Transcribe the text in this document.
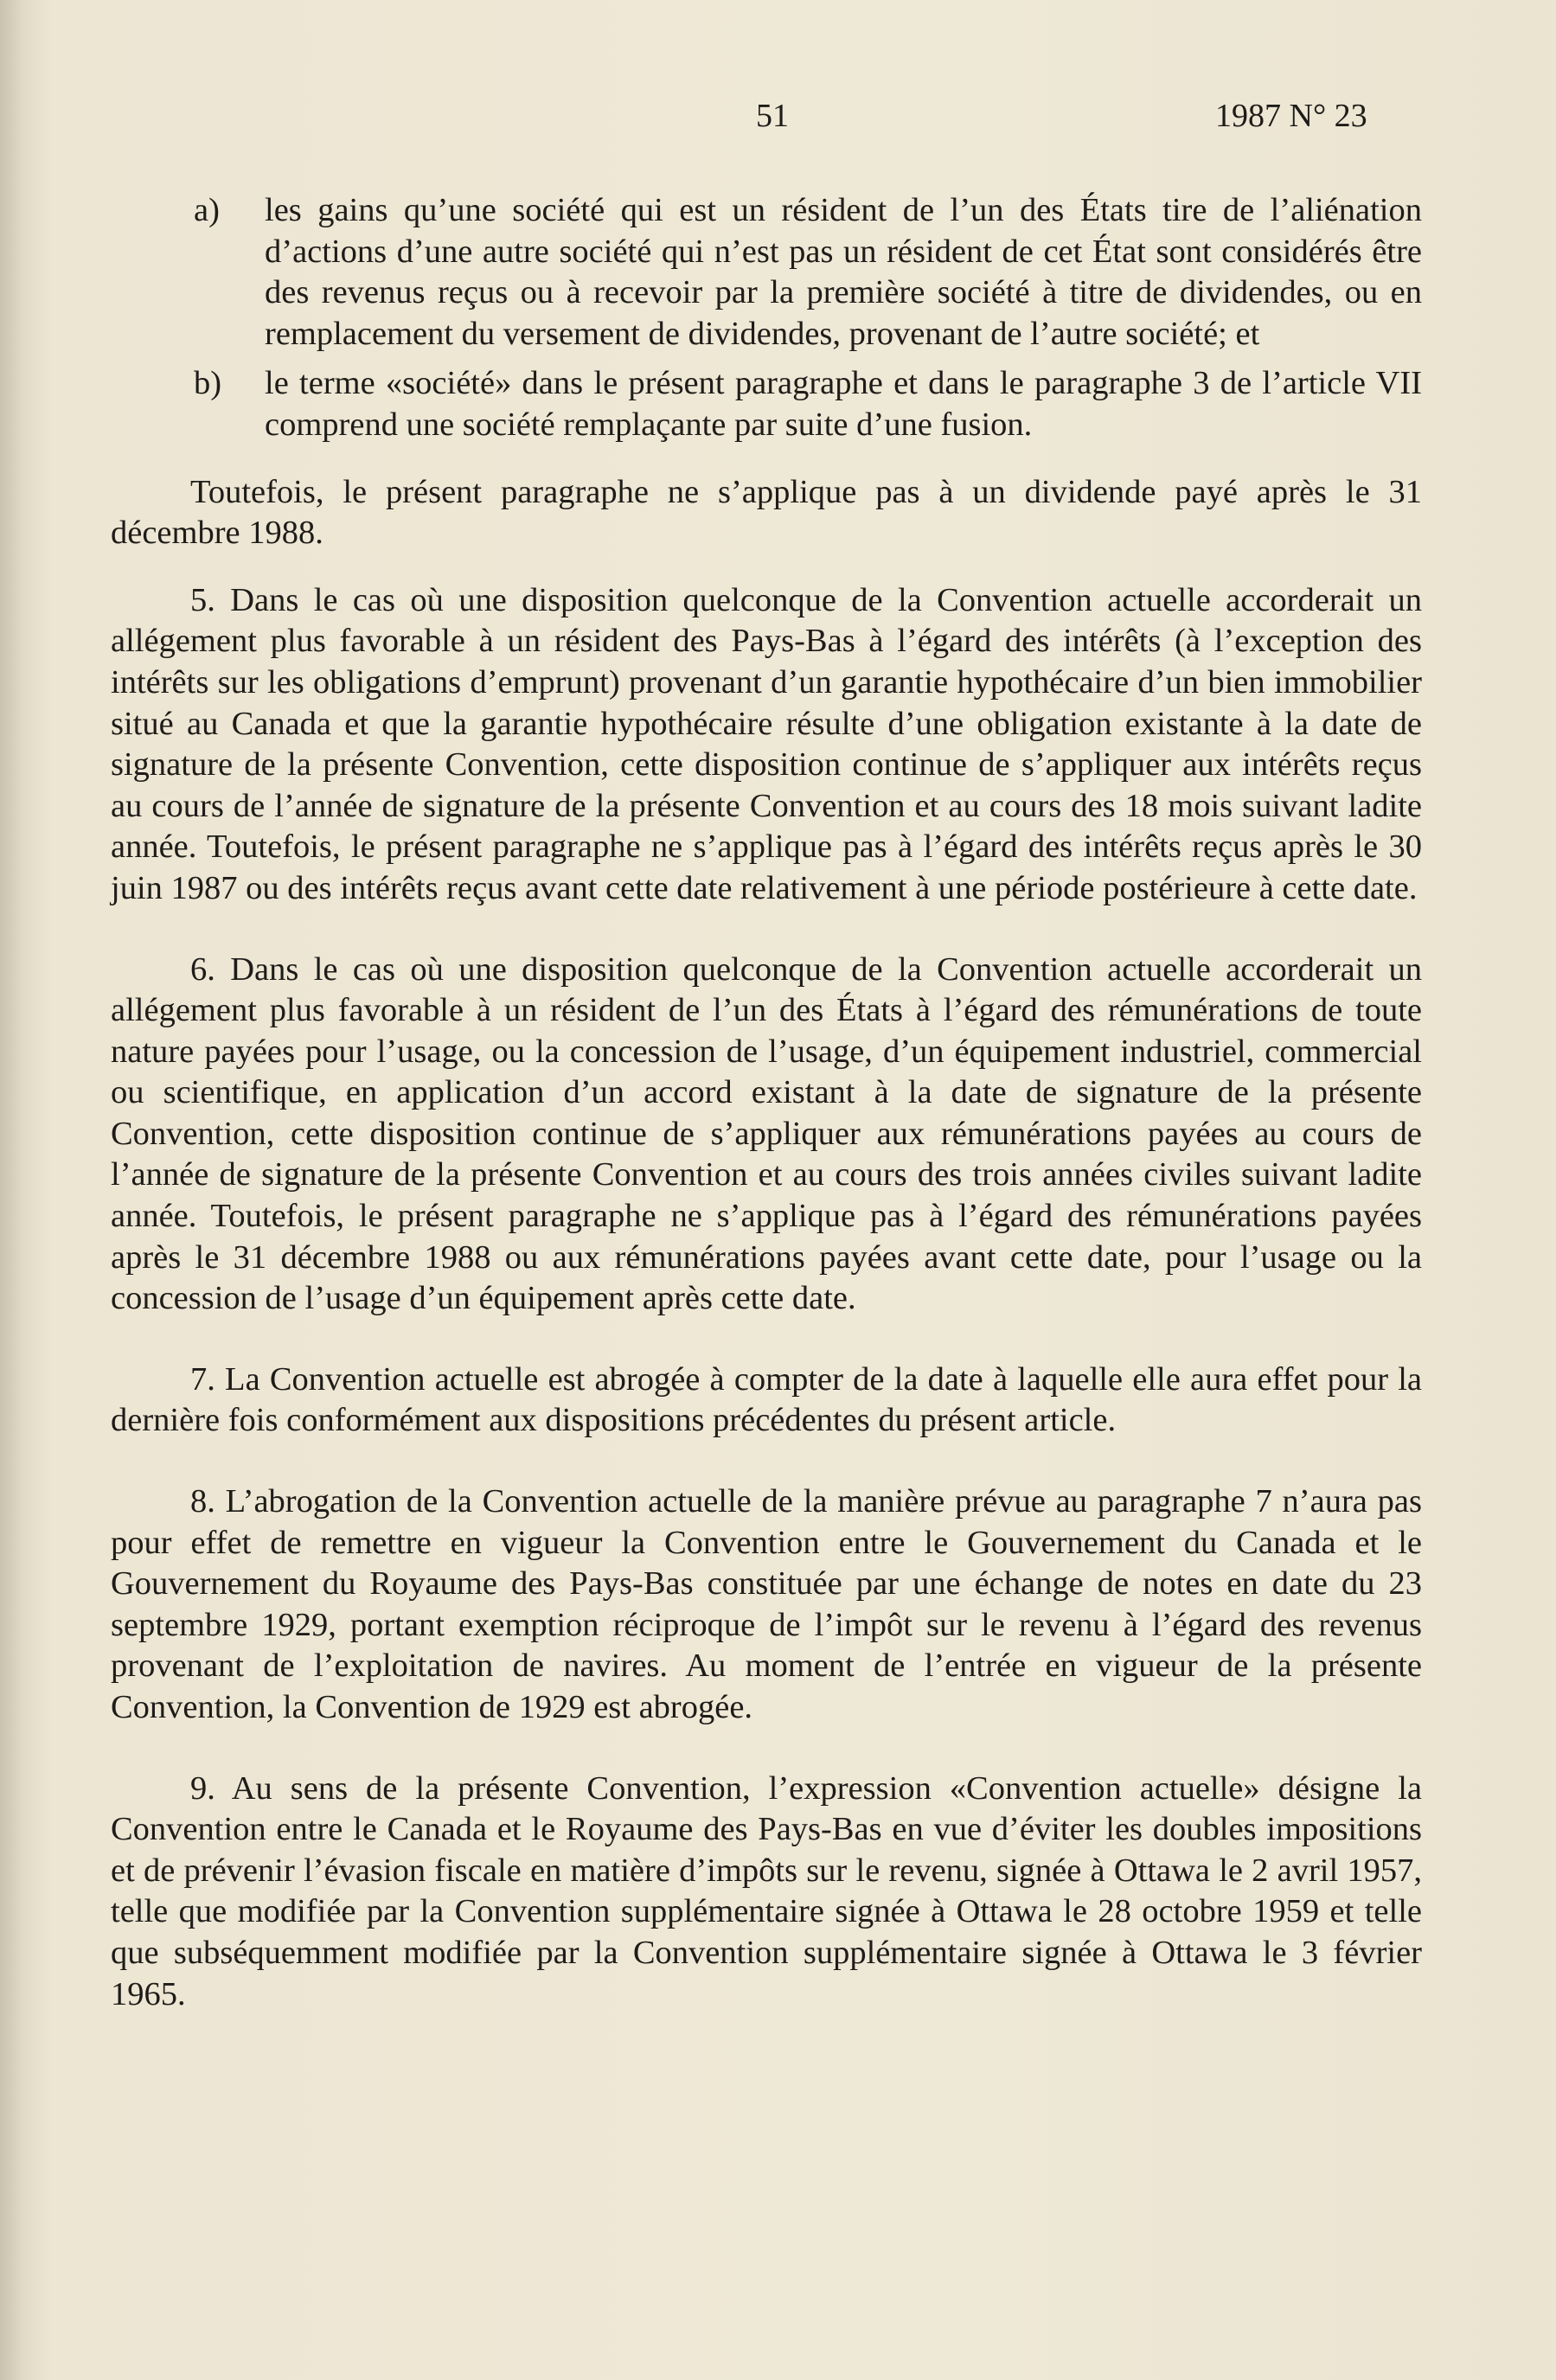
51	1987 N° 23
a)	les gains qu’une société qui est un résident de l’un des États tire de l’aliénation d’actions d’une autre société qui n’est pas un résident de cet État sont considérés être des revenus reçus ou à recevoir par la première société à titre de dividendes, ou en remplacement du versement de dividendes, provenant de l’autre société; et
b)	le terme «société» dans le présent paragraphe et dans le paragraphe 3 de l’article VII comprend une société remplaçante par suite d’une fusion.

Toutefois, le présent paragraphe ne s’applique pas à un dividende payé après le 31 décembre 1988.

5. Dans le cas où une disposition quelconque de la Convention actuelle accorderait un allégement plus favorable à un résident des Pays-Bas à l’égard des intérêts (à l’exception des intérêts sur les obligations d’emprunt) provenant d’un garantie hypothécaire d’un bien immobilier situé au Canada et que la garantie hypothécaire résulte d’une obligation existante à la date de signature de la présente Convention, cette disposition continue de s’appliquer aux intérêts reçus au cours de l’année de signature de la présente Convention et au cours des 18 mois suivant ladite année. Toutefois, le présent paragraphe ne s’applique pas à l’égard des intérêts reçus après le 30 juin 1987 ou des intérêts reçus avant cette date relativement à une période postérieure à cette date.

6. Dans le cas où une disposition quelconque de la Convention actuelle accorderait un allégement plus favorable à un résident de l’un des États à l’égard des rémunérations de toute nature payées pour l’usage, ou la concession de l’usage, d’un équipement industriel, commercial ou scientifique, en application d’un accord existant à la date de signature de la présente Convention, cette disposition continue de s’appliquer aux rémunérations payées au cours de l’année de signature de la présente Convention et au cours des trois années civiles suivant ladite année. Toutefois, le présent paragraphe ne s’applique pas à l’égard des rémunérations payées après le 31 décembre 1988 ou aux rémunérations payées avant cette date, pour l’usage ou la concession de l’usage d’un équipement après cette date.

7. La Convention actuelle est abrogée à compter de la date à laquelle elle aura effet pour la dernière fois conformément aux dispositions précédentes du présent article.

8. L’abrogation de la Convention actuelle de la manière prévue au paragraphe 7 n’aura pas pour effet de remettre en vigueur la Convention entre le Gouvernement du Canada et le Gouvernement du Royaume des Pays-Bas constituée par une échange de notes en date du 23 septembre 1929, portant exemption réciproque de l’impôt sur le revenu à l’égard des revenus provenant de l’exploitation de navires. Au moment de l’entrée en vigueur de la présente Convention, la Convention de 1929 est abrogée.

9. Au sens de la présente Convention, l’expression «Convention actuelle» désigne la Convention entre le Canada et le Royaume des Pays-Bas en vue d’éviter les doubles impositions et de prévenir l’évasion fiscale en matière d’impôts sur le revenu, signée à Ottawa le 2 avril 1957, telle que modifiée par la Convention supplémentaire signée à Ottawa le 28 octobre 1959 et telle que subséquemment modifiée par la Convention supplémentaire signée à Ottawa le 3 février 1965.
